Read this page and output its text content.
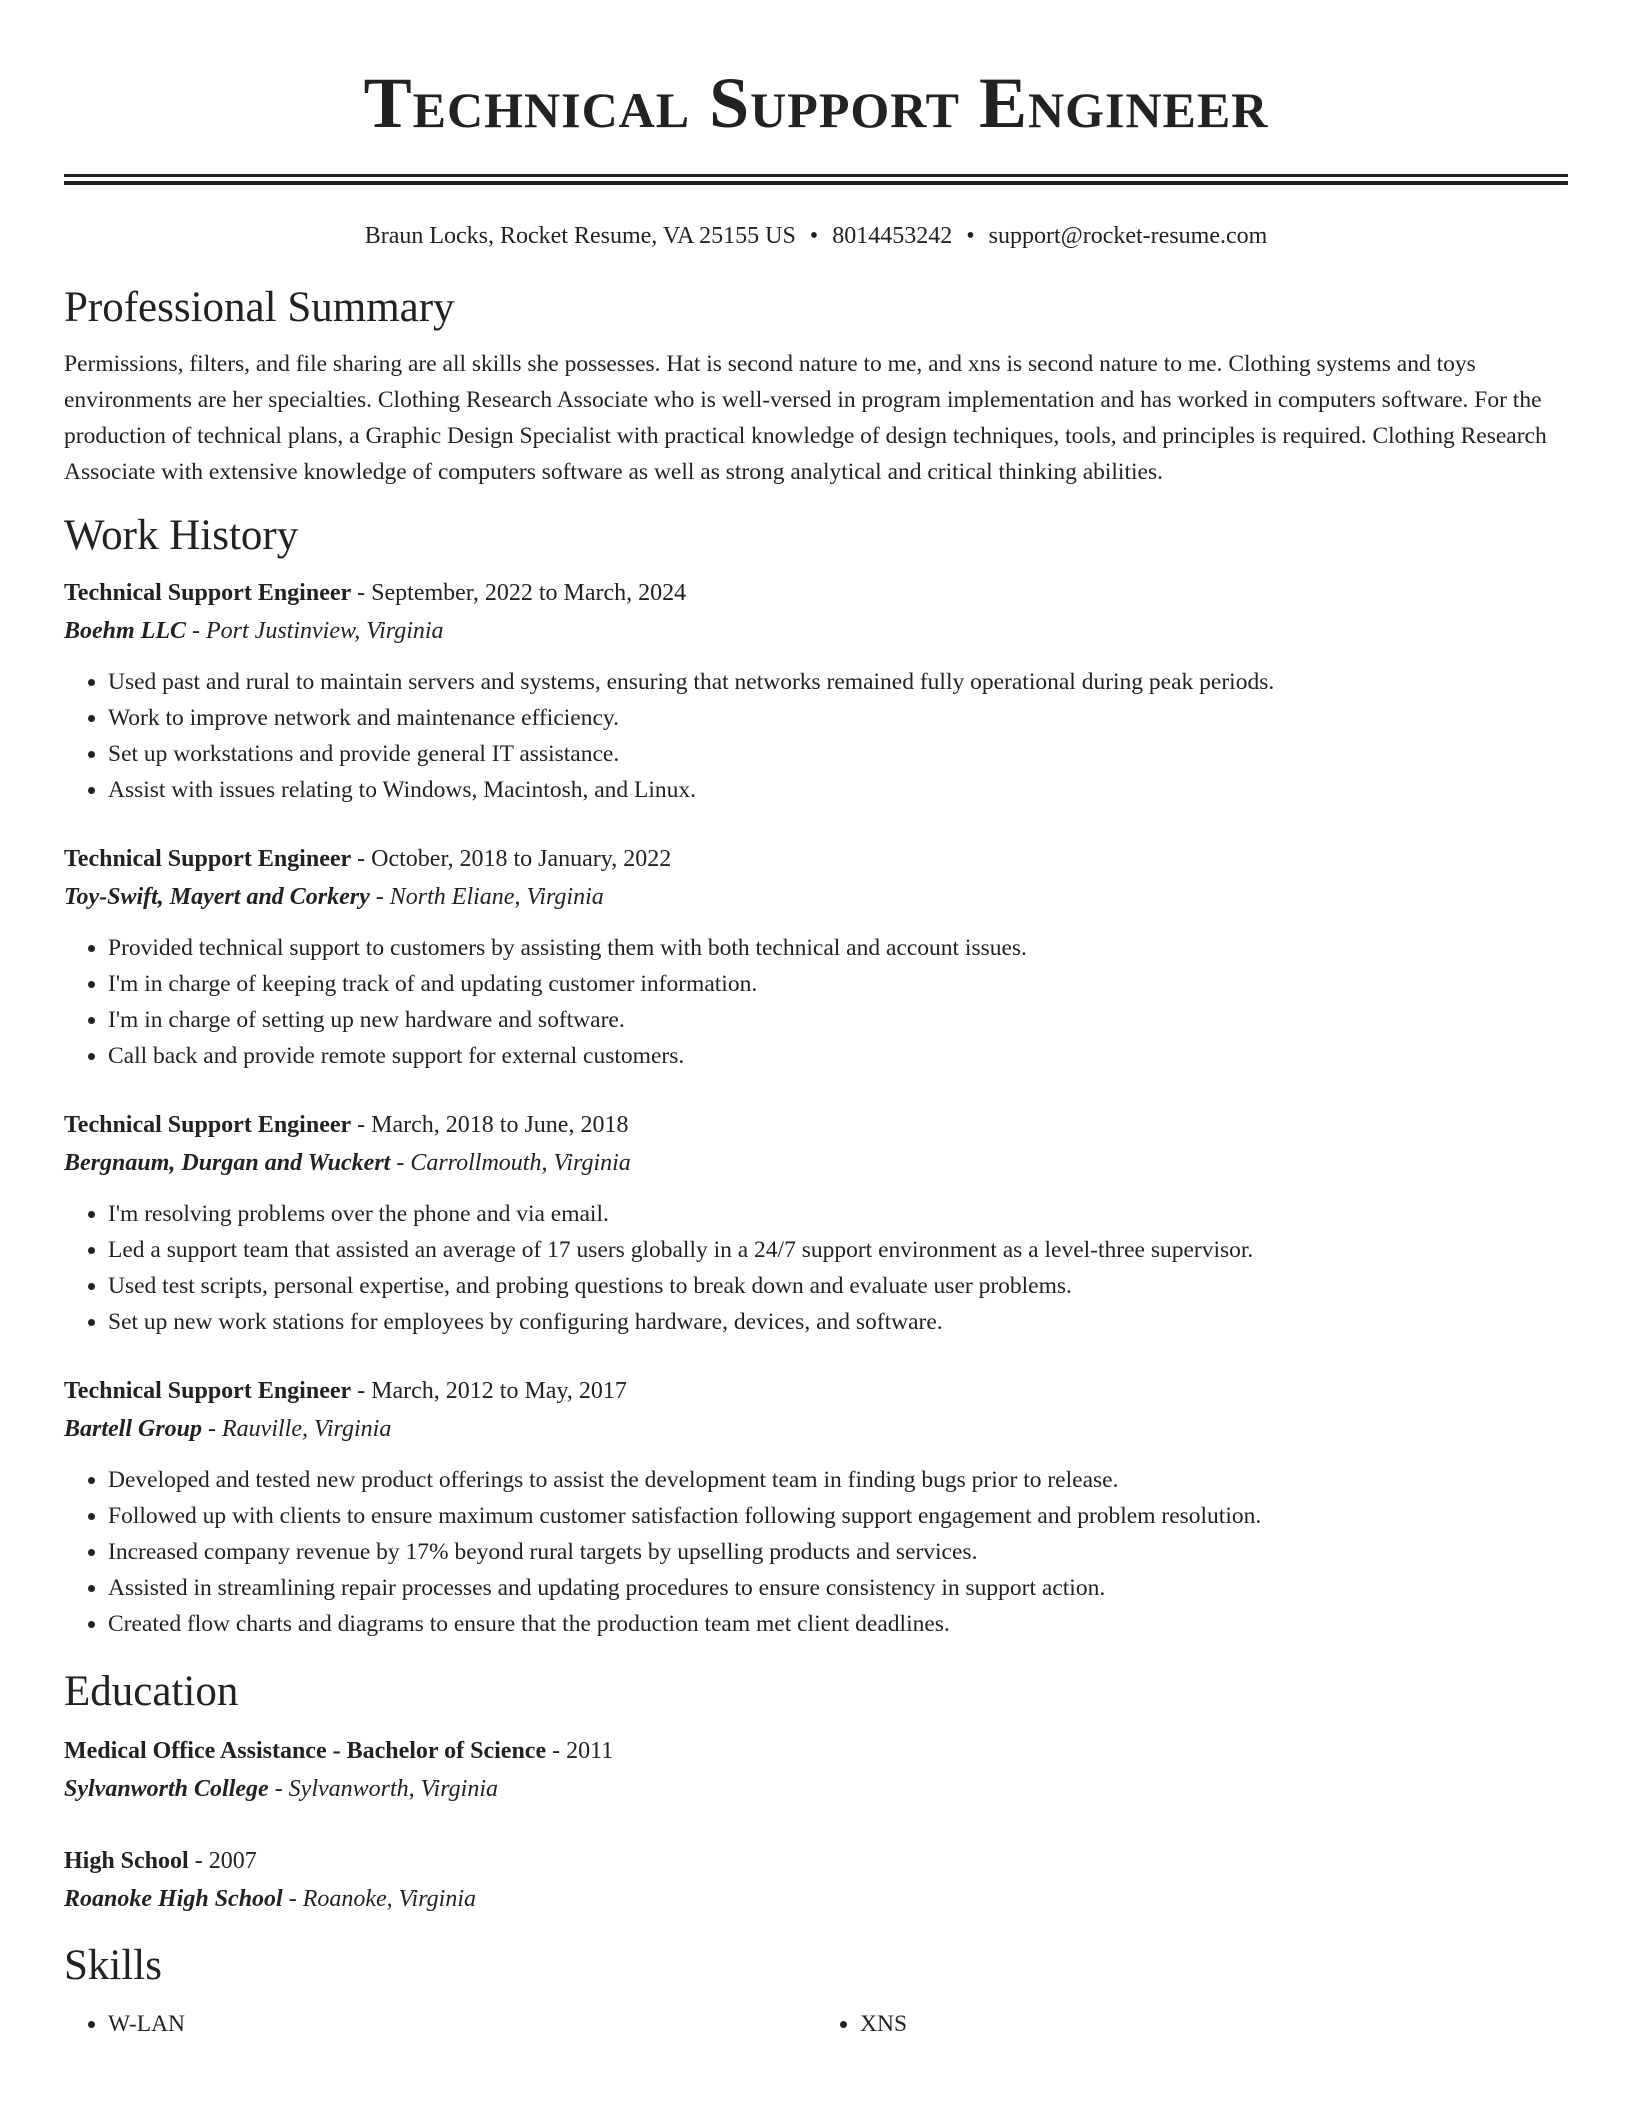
Technical Support Engineer
Braun Locks, Rocket Resume, VA 25155 US • 8014453242 • support@rocket-resume.com
Professional Summary

Permissions, filters, and file sharing are all skills she possesses. Hat is second nature to me, and xns is second nature to me. Clothing systems and toys environments are her specialties. Clothing Research Associate who is well-versed in program implementation and has worked in computers software. For the production of technical plans, a Graphic Design Specialist with practical knowledge of design techniques, tools, and principles is required. Clothing Research Associate with extensive knowledge of computers software as well as strong analytical and critical thinking abilities.

Work History

Technical Support Engineer - September, 2022 to March, 2024

Boehm LLC - Port Justinview, Virginia

• Used past and rural to maintain servers and systems, ensuring that networks remained fully operational during peak periods.
• Work to improve network and maintenance efficiency.
• Set up workstations and provide general IT assistance.
• Assist with issues relating to Windows, Macintosh, and Linux.

Technical Support Engineer - October, 2018 to January, 2022

Toy-Swift, Mayert and Corkery - North Eliane, Virginia

• Provided technical support to customers by assisting them with both technical and account issues.
• I'm in charge of keeping track of and updating customer information.
• I'm in charge of setting up new hardware and software.
• Call back and provide remote support for external customers.

Technical Support Engineer - March, 2018 to June, 2018

Bergnaum, Durgan and Wuckert - Carrollmouth, Virginia

• I'm resolving problems over the phone and via email.
• Led a support team that assisted an average of 17 users globally in a 24/7 support environment as a level-three supervisor.
• Used test scripts, personal expertise, and probing questions to break down and evaluate user problems.
• Set up new work stations for employees by configuring hardware, devices, and software.

Technical Support Engineer - March, 2012 to May, 2017

Bartell Group - Rauville, Virginia

• Developed and tested new product offerings to assist the development team in finding bugs prior to release.
• Followed up with clients to ensure maximum customer satisfaction following support engagement and problem resolution.
• Increased company revenue by 17% beyond rural targets by upselling products and services.
• Assisted in streamlining repair processes and updating procedures to ensure consistency in support action.
• Created flow charts and diagrams to ensure that the production team met client deadlines.
Education

Medical Office Assistance - Bachelor of Science - 2011

Sylvanworth College - Sylvanworth, Virginia

High School - 2007

Roanoke High School - Roanoke, Virginia

Skills
• W-LAN
•	XNS
